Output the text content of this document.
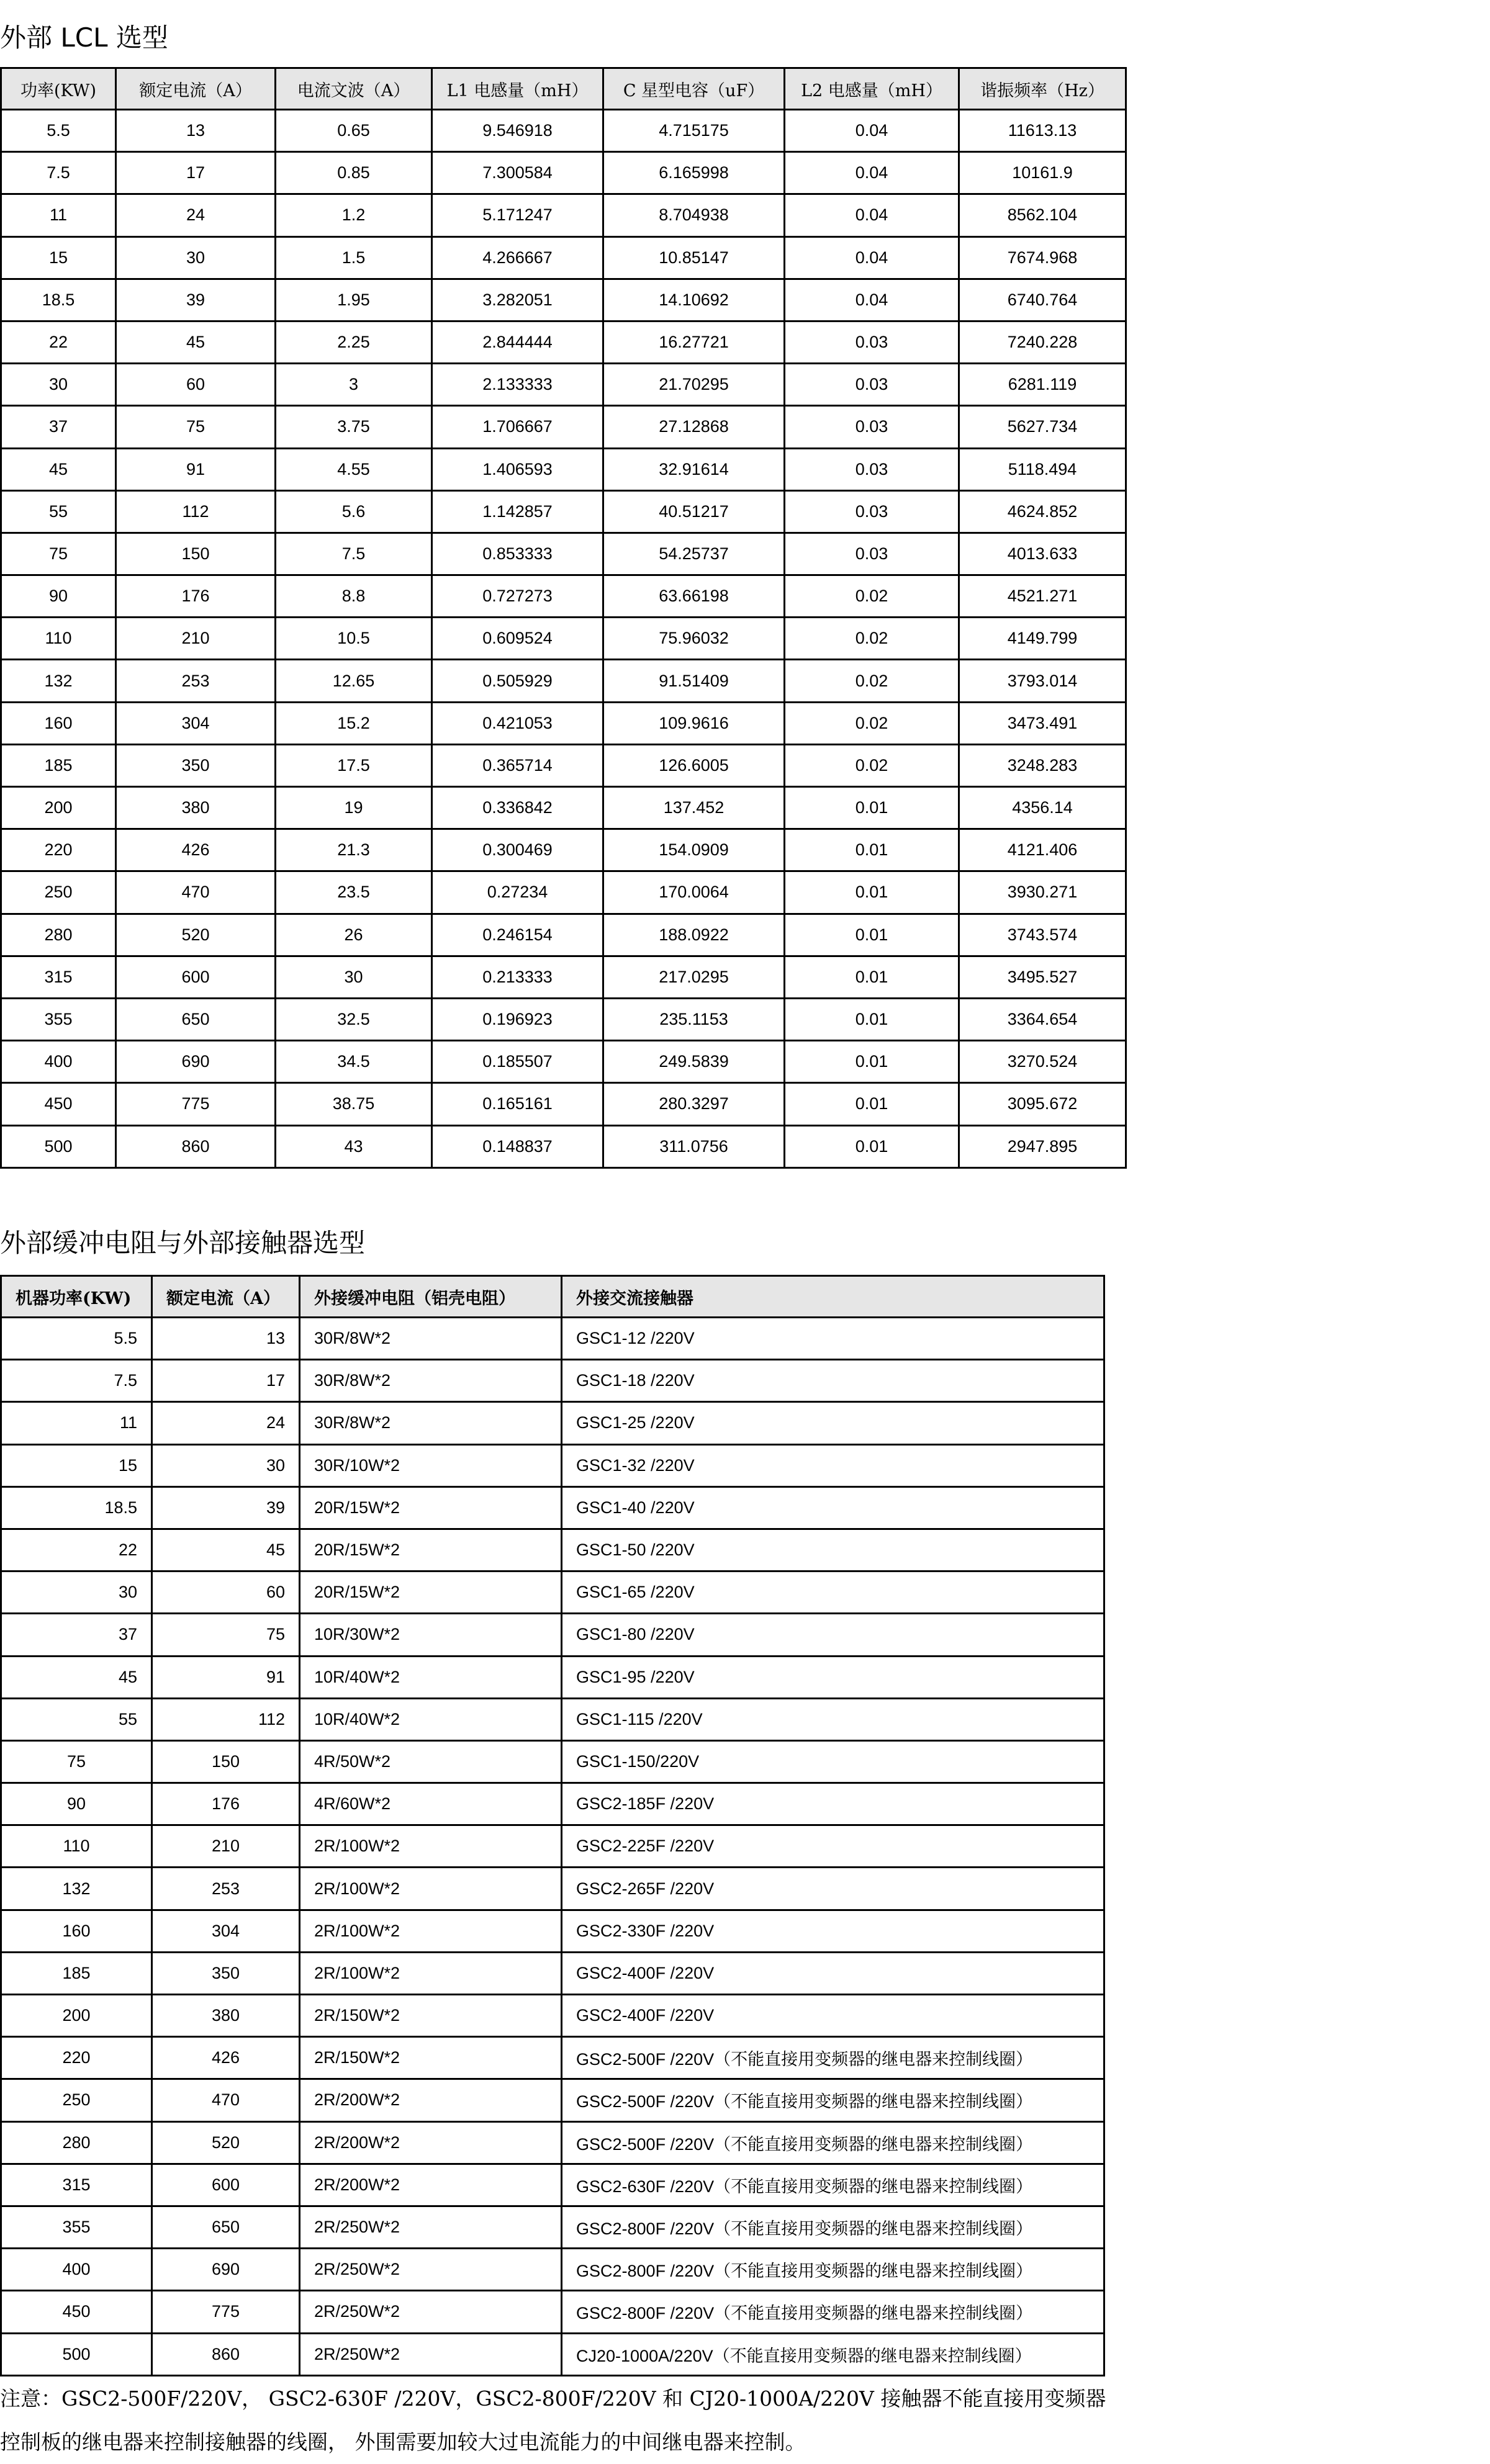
外部 LCL 选型
功率(KW)	额定电流（A）	电流文波（A）	L1 电感量（mH）	C 星型电容（uF）	L2 电感量（mH）	谐振频率（Hz）
5.5	13	0.65	9.546918	4.715175	0.04	11613.13
7.5	17	0.85	7.300584	6.165998	0.04	10161.9
11	24	1.2	5.171247	8.704938	0.04	8562.104
15	30	1.5	4.266667	10.85147	0.04	7674.968
18.5	39	1.95	3.282051	14.10692	0.04	6740.764
22	45	2.25	2.844444	16.27721	0.03	7240.228
30	60	3	2.133333	21.70295	0.03	6281.119
37	75	3.75	1.706667	27.12868	0.03	5627.734
45	91	4.55	1.406593	32.91614	0.03	5118.494
55	112	5.6	1.142857	40.51217	0.03	4624.852
75	150	7.5	0.853333	54.25737	0.03	4013.633
90	176	8.8	0.727273	63.66198	0.02	4521.271
110	210	10.5	0.609524	75.96032	0.02	4149.799
132	253	12.65	0.505929	91.51409	0.02	3793.014
160	304	15.2	0.421053	109.9616	0.02	3473.491
185	350	17.5	0.365714	126.6005	0.02	3248.283
200	380	19	0.336842	137.452	0.01	4356.14
220	426	21.3	0.300469	154.0909	0.01	4121.406
250	470	23.5	0.27234	170.0064	0.01	3930.271
280	520	26	0.246154	188.0922	0.01	3743.574
315	600	30	0.213333	217.0295	0.01	3495.527
355	650	32.5	0.196923	235.1153	0.01	3364.654
400	690	34.5	0.185507	249.5839	0.01	3270.524
450	775	38.75	0.165161	280.3297	0.01	3095.672
500	860	43	0.148837	311.0756	0.01	2947.895
外部缓冲电阻与外部接触器选型
机器功率(KW)	额定电流（A）	外接缓冲电阻（铝壳电阻）	外接交流接触器
5.5	13	30R/8W*2	GSC1-12 /220V
7.5	17	30R/8W*2	GSC1-18 /220V
11	24	30R/8W*2	GSC1-25 /220V
15	30	30R/10W*2	GSC1-32 /220V
18.5	39	20R/15W*2	GSC1-40 /220V
22	45	20R/15W*2	GSC1-50 /220V
30	60	20R/15W*2	GSC1-65 /220V
37	75	10R/30W*2	GSC1-80 /220V
45	91	10R/40W*2	GSC1-95 /220V
55	112	10R/40W*2	GSC1-115 /220V
75	150	4R/50W*2	GSC1-150/220V
90	176	4R/60W*2	GSC2-185F /220V
110	210	2R/100W*2	GSC2-225F /220V
132	253	2R/100W*2	GSC2-265F /220V
160	304	2R/100W*2	GSC2-330F /220V
185	350	2R/100W*2	GSC2-400F /220V
200	380	2R/150W*2	GSC2-400F /220V
220	426	2R/150W*2	GSC2-500F /220V（不能直接用变频器的继电器来控制线圈）
250	470	2R/200W*2	GSC2-500F /220V（不能直接用变频器的继电器来控制线圈）
280	520	2R/200W*2	GSC2-500F /220V（不能直接用变频器的继电器来控制线圈）
315	600	2R/200W*2	GSC2-630F /220V（不能直接用变频器的继电器来控制线圈）
355	650	2R/250W*2	GSC2-800F /220V（不能直接用变频器的继电器来控制线圈）
400	690	2R/250W*2	GSC2-800F /220V（不能直接用变频器的继电器来控制线圈）
450	775	2R/250W*2	GSC2-800F /220V（不能直接用变频器的继电器来控制线圈）
500	860	2R/250W*2	CJ20-1000A/220V（不能直接用变频器的继电器来控制线圈）
注意：GSC2-500F/220V， GSC2-630F /220V，GSC2-800F/220V 和 CJ20-1000A/220V 接触器不能直接用变频器控制板的继电器来控制接触器的线圈， 外围需要加较大过电流能力的中间继电器来控制。
